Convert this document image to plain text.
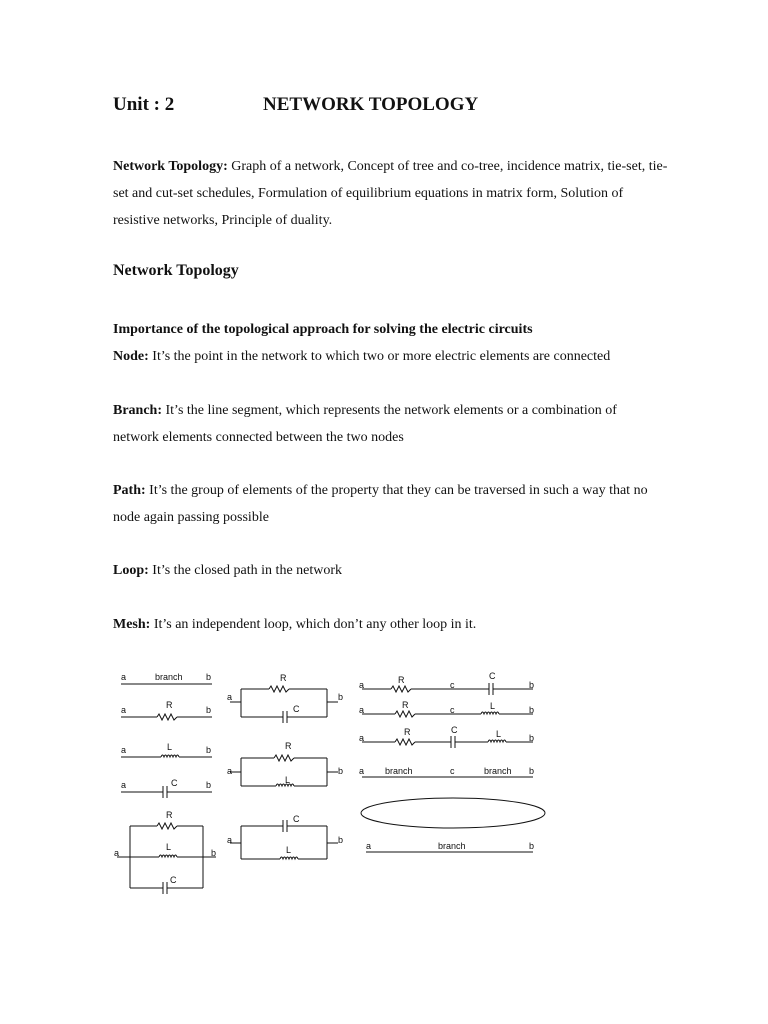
Unit : 2	NETWORK TOPOLOGY
Network Topology: Graph of a network, Concept of tree and co-tree, incidence matrix, tie-set, tie-set and cut-set schedules, Formulation of equilibrium equations in matrix form, Solution of resistive networks, Principle of duality.
Network Topology
Importance of the topological approach for solving the electric circuits
Node: It’s the point in the network to which two or more electric elements are connected
Branch: It’s the line segment, which represents the network elements or a combination of network elements connected between the two nodes
Path: It’s the group of elements of the property that they can be traversed in such a way that no node again passing possible
Loop: It’s the closed path in the network
Mesh: It’s an independent loop, which don’t any other loop in it.
a	branch	b
a	R	b
a	L	b
a	C	b
a	b
R
L
C
a	b
R
C
a	b
R
L
a	b
C
L
a	R	c
C
b
a	R	c	L	b
a
R	C	L	b
a branch	c	branch b
a	branch	b
